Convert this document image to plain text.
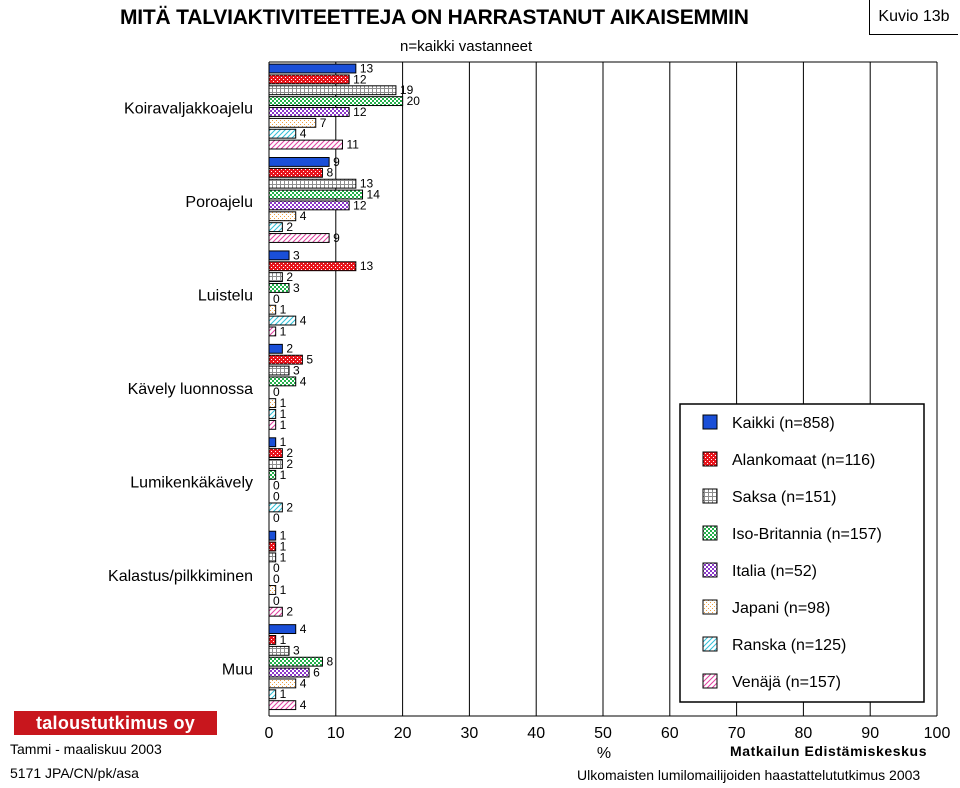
MITÄ TALVIAKTIVITEETTEJA ON HARRASTANUT AIKAISEMMIN
n=kaikki vastanneet
Kuvio 13b
13
12
19
20
12
7
4
11
9
8
13
14
12
4
2
9
3
13
2
3
0
1
4
1
2
5
3
4
0
1
1
1
1
2
2
1
0
0
2
0
1
1
1
0
0
1
0
2
4
1
3
8
6
4
1
4
Koiravaljakkoajelu
Poroajelu
Luistelu
Kävely luonnossa
Lumikenkäkävely
Kalastus/pilkkiminen
Muu
0	10	20	30	40	50	60	70	80	90	100
%
Kaikki (n=858)
Alankomaat (n=116)
Saksa (n=151)
Iso-Britannia (n=157)
Italia (n=52)
Japani (n=98)
Ranska (n=125)
Venäjä (n=157)
taloustutkimus oy
Tammi - maaliskuu 2003
5171 JPA/CN/pk/asa
Matkailun Edistämiskeskus
Ulkomaisten lumilomailijoiden haastattelututkimus 2003
